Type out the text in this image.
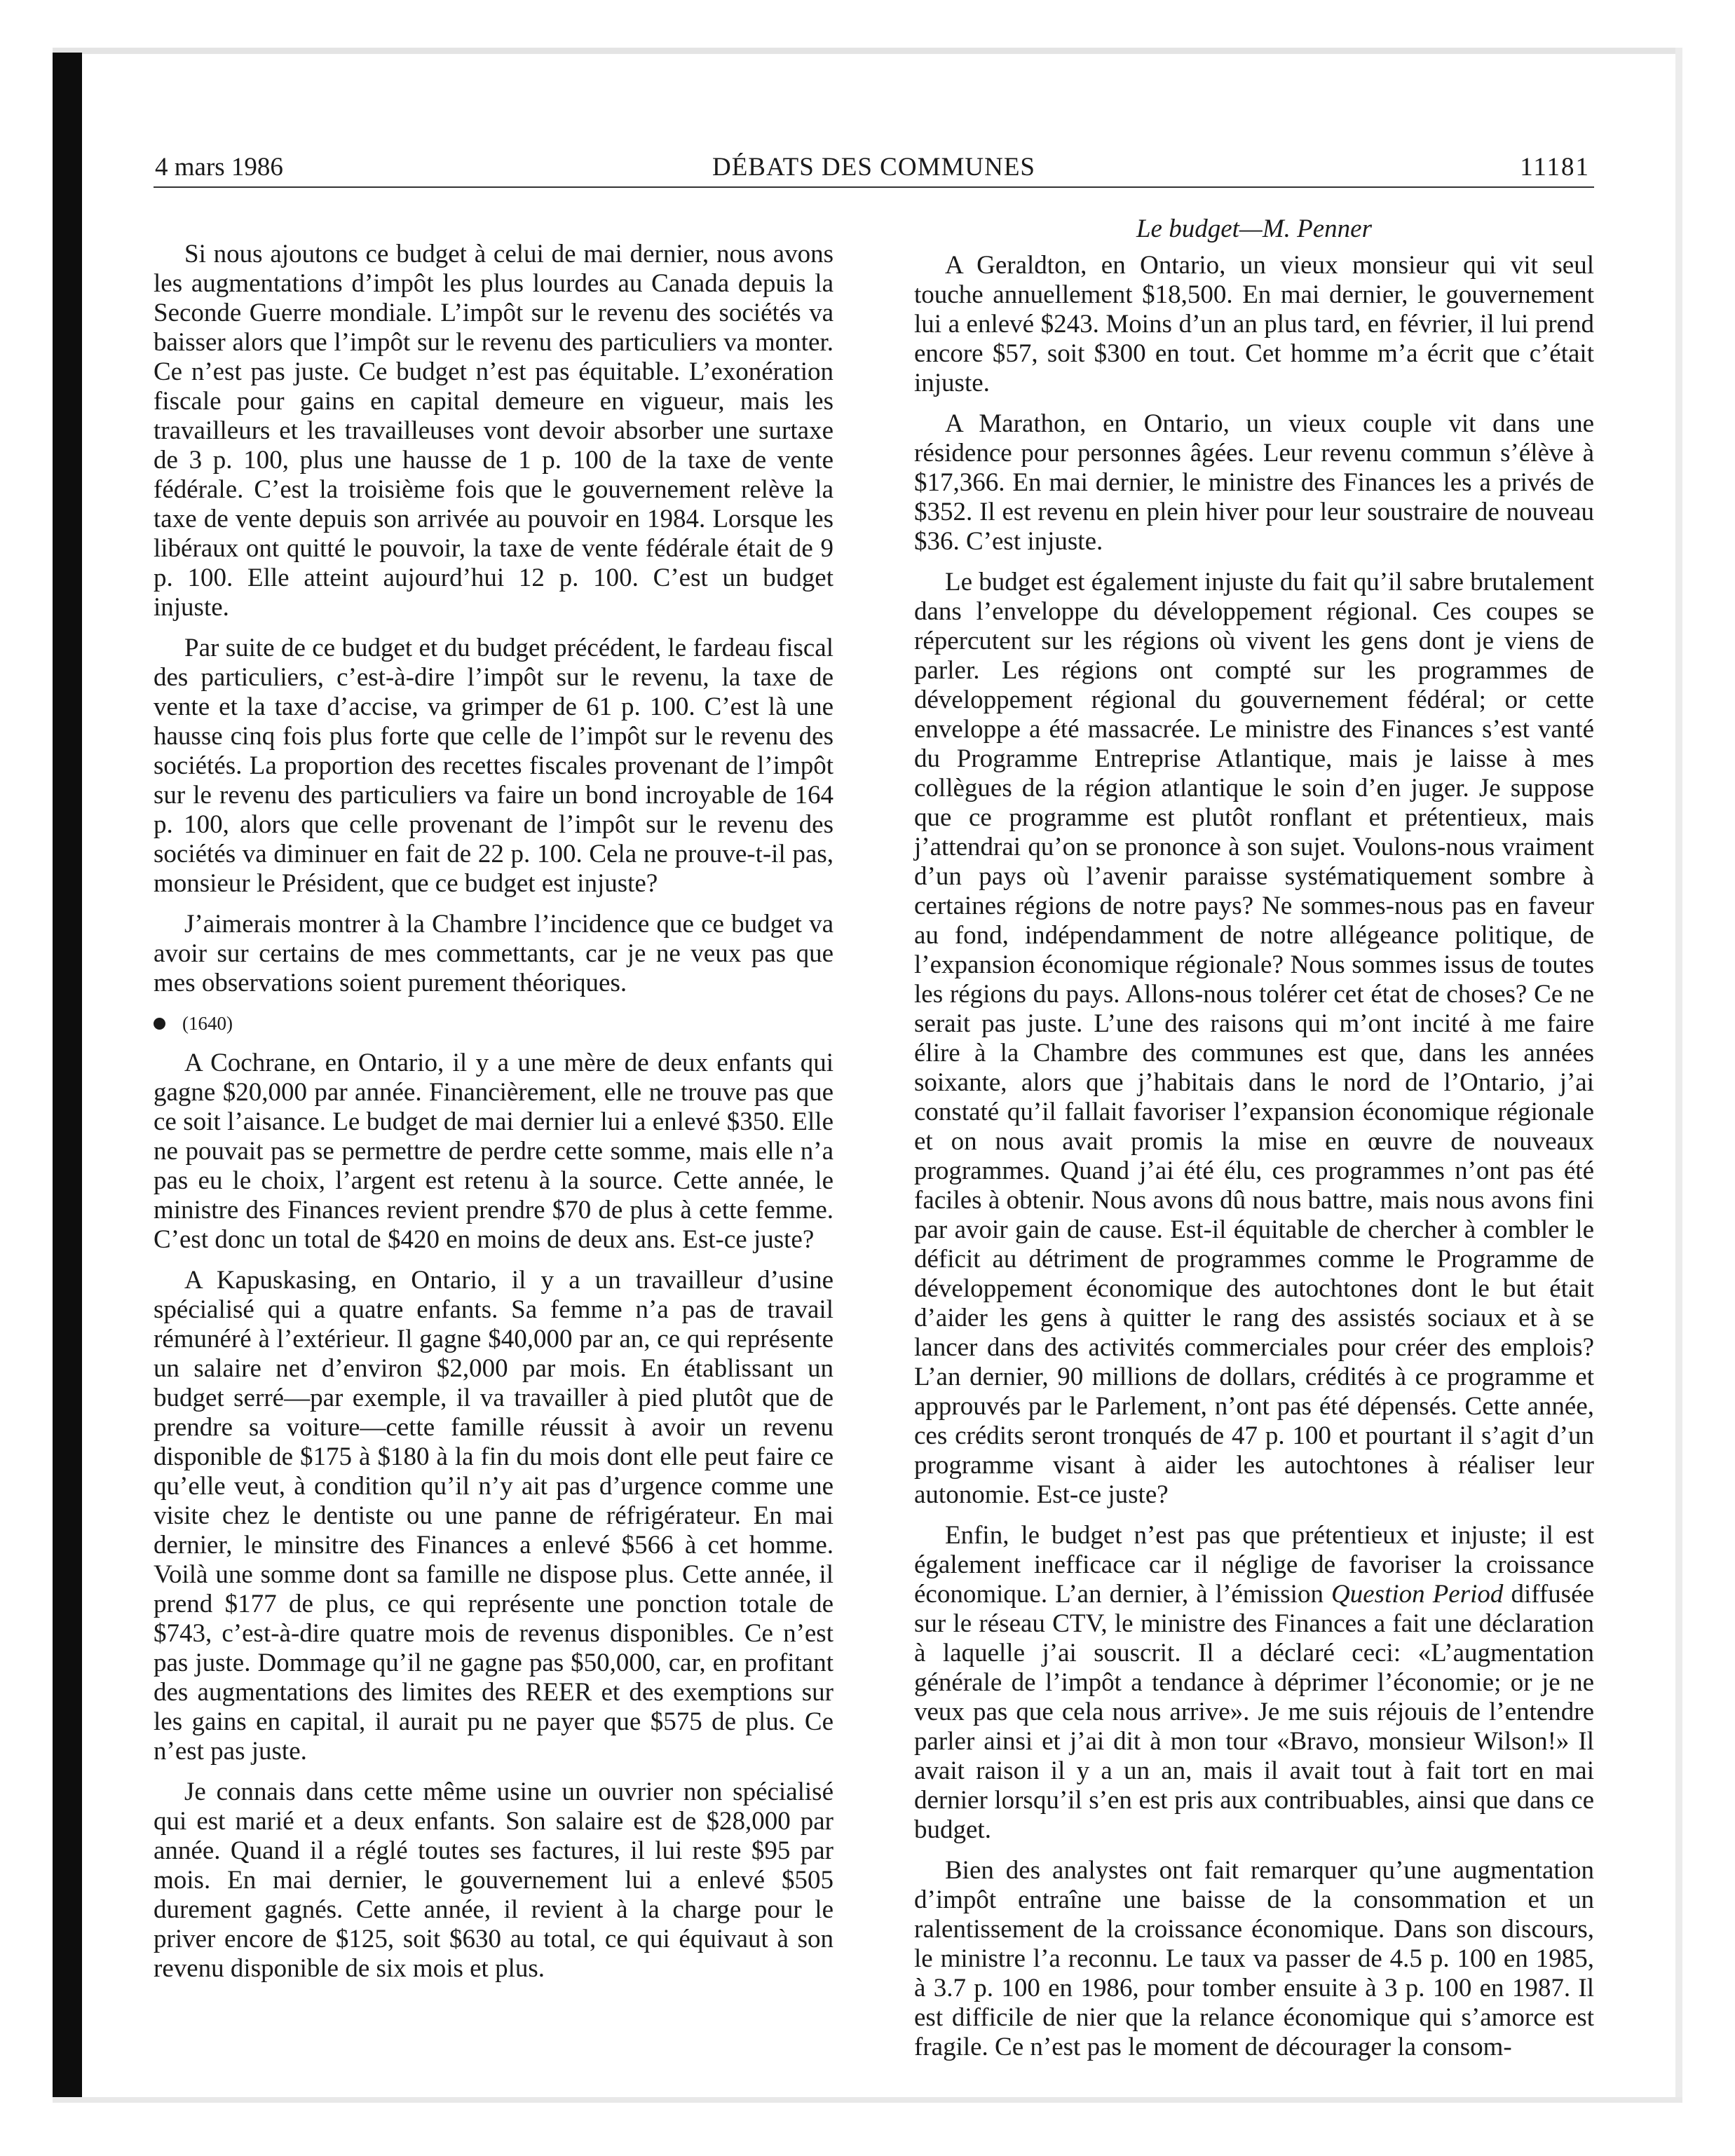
4 mars 1986	DÉBATS DES COMMUNES	11181

Si nous ajoutons ce budget à celui de mai dernier, nous avons les augmentations d’impôt les plus lourdes au Canada depuis la Seconde Guerre mondiale. L’impôt sur le revenu des sociétés va baisser alors que l’impôt sur le revenu des particuliers va monter. Ce n’est pas juste. Ce budget n’est pas équitable. L’exonération fiscale pour gains en capital demeure en vigueur, mais les travailleurs et les travailleuses vont devoir absorber une surtaxe de 3 p. 100, plus une hausse de 1 p. 100 de la taxe de vente fédérale. C’est la troisième fois que le gouvernement relève la taxe de vente depuis son arrivée au pouvoir en 1984. Lorsque les libéraux ont quitté le pouvoir, la taxe de vente fédérale était de 9 p. 100. Elle atteint aujourd’hui 12 p. 100. C’est un budget injuste.

Par suite de ce budget et du budget précédent, le fardeau fiscal des particuliers, c’est-à-dire l’impôt sur le revenu, la taxe de vente et la taxe d’accise, va grimper de 61 p. 100. C’est là une hausse cinq fois plus forte que celle de l’impôt sur le revenu des sociétés. La proportion des recettes fiscales provenant de l’impôt sur le revenu des particuliers va faire un bond incroyable de 164 p. 100, alors que celle provenant de l’impôt sur le revenu des sociétés va diminuer en fait de 22 p. 100. Cela ne prouve-t-il pas, monsieur le Président, que ce budget est injuste?

J’aimerais montrer à la Chambre l’incidence que ce budget va avoir sur certains de mes commettants, car je ne veux pas que mes observations soient purement théoriques.

(1640)

A Cochrane, en Ontario, il y a une mère de deux enfants qui gagne $20,000 par année. Financièrement, elle ne trouve pas que ce soit l’aisance. Le budget de mai dernier lui a enlevé $350. Elle ne pouvait pas se permettre de perdre cette somme, mais elle n’a pas eu le choix, l’argent est retenu à la source. Cette année, le ministre des Finances revient prendre $70 de plus à cette femme. C’est donc un total de $420 en moins de deux ans. Est-ce juste?

A Kapuskasing, en Ontario, il y a un travailleur d’usine spécialisé qui a quatre enfants. Sa femme n’a pas de travail rémunéré à l’extérieur. Il gagne $40,000 par an, ce qui représente un salaire net d’environ $2,000 par mois. En établissant un budget serré—par exemple, il va travailler à pied plutôt que de prendre sa voiture—cette famille réussit à avoir un revenu disponible de $175 à $180 à la fin du mois dont elle peut faire ce qu’elle veut, à condition qu’il n’y ait pas d’urgence comme une visite chez le dentiste ou une panne de réfrigérateur. En mai dernier, le minsitre des Finances a enlevé $566 à cet homme. Voilà une somme dont sa famille ne dispose plus. Cette année, il prend $177 de plus, ce qui représente une ponction totale de $743, c’est-à-dire quatre mois de revenus disponibles. Ce n’est pas juste. Dommage qu’il ne gagne pas $50,000, car, en profitant des augmentations des limites des REER et des exemptions sur les gains en capital, il aurait pu ne payer que $575 de plus. Ce n’est pas juste.

Je connais dans cette même usine un ouvrier non spécialisé qui est marié et a deux enfants. Son salaire est de $28,000 par année. Quand il a réglé toutes ses factures, il lui reste $95 par mois. En mai dernier, le gouvernement lui a enlevé $505 durement gagnés. Cette année, il revient à la charge pour le priver encore de $125, soit $630 au total, ce qui équivaut à son revenu disponible de six mois et plus.

Le budget—M. Penner

A Geraldton, en Ontario, un vieux monsieur qui vit seul touche annuellement $18,500. En mai dernier, le gouvernement lui a enlevé $243. Moins d’un an plus tard, en février, il lui prend encore $57, soit $300 en tout. Cet homme m’a écrit que c’était injuste.

A Marathon, en Ontario, un vieux couple vit dans une résidence pour personnes âgées. Leur revenu commun s’élève à $17,366. En mai dernier, le ministre des Finances les a privés de $352. Il est revenu en plein hiver pour leur soustraire de nouveau $36. C’est injuste.

Le budget est également injuste du fait qu’il sabre brutalement dans l’enveloppe du développement régional. Ces coupes se répercutent sur les régions où vivent les gens dont je viens de parler. Les régions ont compté sur les programmes de développement régional du gouvernement fédéral; or cette enveloppe a été massacrée. Le ministre des Finances s’est vanté du Programme Entreprise Atlantique, mais je laisse à mes collègues de la région atlantique le soin d’en juger. Je suppose que ce programme est plutôt ronflant et prétentieux, mais j’attendrai qu’on se prononce à son sujet. Voulons-nous vraiment d’un pays où l’avenir paraisse systématiquement sombre à certaines régions de notre pays? Ne sommes-nous pas en faveur au fond, indépendamment de notre allégeance politique, de l’expansion économique régionale? Nous sommes issus de toutes les régions du pays. Allons-nous tolérer cet état de choses? Ce ne serait pas juste. L’une des raisons qui m’ont incité à me faire élire à la Chambre des communes est que, dans les années soixante, alors que j’habitais dans le nord de l’Ontario, j’ai constaté qu’il fallait favoriser l’expansion économique régionale et on nous avait promis la mise en œuvre de nouveaux programmes. Quand j’ai été élu, ces programmes n’ont pas été faciles à obtenir. Nous avons dû nous battre, mais nous avons fini par avoir gain de cause. Est-il équitable de chercher à combler le déficit au détriment de programmes comme le Programme de développement économique des autochtones dont le but était d’aider les gens à quitter le rang des assistés sociaux et à se lancer dans des activités commerciales pour créer des emplois? L’an dernier, 90 millions de dollars, crédités à ce programme et approuvés par le Parlement, n’ont pas été dépensés. Cette année, ces crédits seront tronqués de 47 p. 100 et pourtant il s’agit d’un programme visant à aider les autochtones à réaliser leur autonomie. Est-ce juste?

Enfin, le budget n’est pas que prétentieux et injuste; il est également inefficace car il néglige de favoriser la croissance économique. L’an dernier, à l’émission Question Period diffusée sur le réseau CTV, le ministre des Finances a fait une déclaration à laquelle j’ai souscrit. Il a déclaré ceci: «L’augmentation générale de l’impôt a tendance à déprimer l’économie; or je ne veux pas que cela nous arrive». Je me suis réjouis de l’entendre parler ainsi et j’ai dit à mon tour «Bravo, monsieur Wilson!» Il avait raison il y a un an, mais il avait tout à fait tort en mai dernier lorsqu’il s’en est pris aux contribuables, ainsi que dans ce budget.

Bien des analystes ont fait remarquer qu’une augmentation d’impôt entraîne une baisse de la consommation et un ralentissement de la croissance économique. Dans son discours, le ministre l’a reconnu. Le taux va passer de 4.5 p. 100 en 1985, à 3.7 p. 100 en 1986, pour tomber ensuite à 3 p. 100 en 1987. Il est difficile de nier que la relance économique qui s’amorce est fragile. Ce n’est pas le moment de décourager la consom-
